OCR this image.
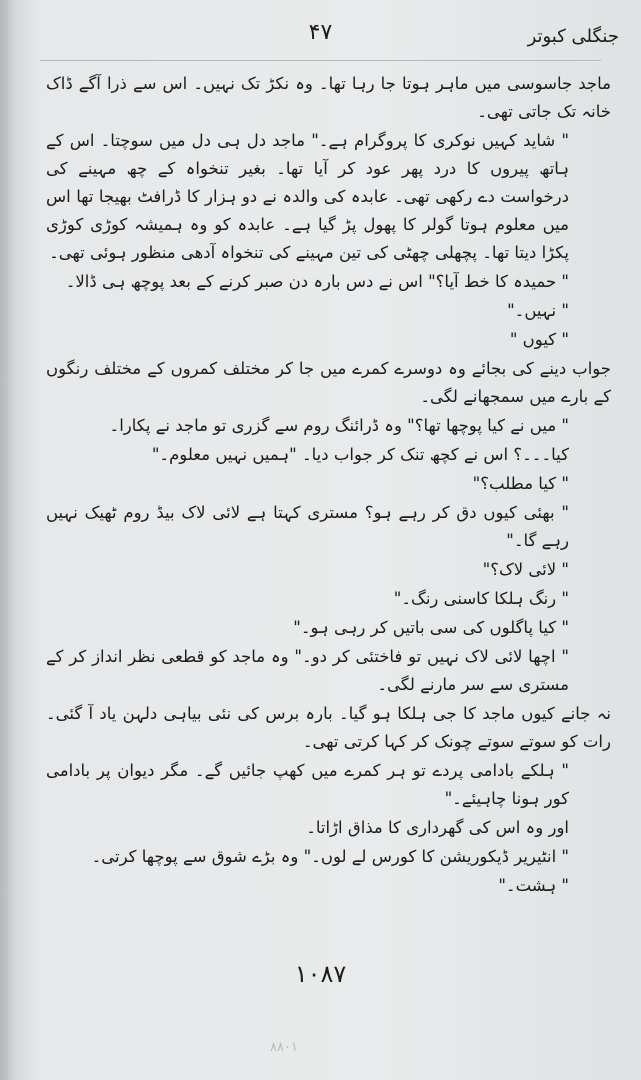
۴۷	جنگلی کبوتر

ماجد جاسوسی میں ماہر ہوتا جا رہا تھا۔ وہ نکڑ تک نہیں۔ اس سے ذرا آگے ڈاک خانہ تک جاتی تھی۔

" شاید کہیں نوکری کا پروگرام ہے۔" ماجد دل ہی دل میں سوچتا۔ اس کے ہاتھ پیروں کا درد پھر عود کر آیا تھا۔ بغیر تنخواہ کے چھ مہینے کی درخواست دے رکھی تھی۔ عابدہ کی والدہ نے دو ہزار کا ڈرافٹ بھیجا تھا اس میں معلوم ہوتا گولر کا پھول پڑ گیا ہے۔ عابدہ کو وہ ہمیشہ کوڑی کوڑی پکڑا دیتا تھا۔ پچھلی چھٹی کی تین مہینے کی تنخواہ آدھی منظور ہوئی تھی۔

" حمیدہ کا خط آیا؟" اس نے دس بارہ دن صبر کرنے کے بعد پوچھ ہی ڈالا۔

" نہیں۔"

" کیوں "

جواب دینے کی بجائے وہ دوسرے کمرے میں جا کر مختلف کمروں کے مختلف رنگوں کے بارے میں سمجھانے لگی۔

" میں نے کیا پوچھا تھا؟" وہ ڈرائنگ روم سے گزری تو ماجد نے پکارا۔

کیا۔۔۔؟ اس نے کچھ تنک کر جواب دیا۔ "ہمیں نہیں معلوم۔"

" کیا مطلب؟"

" بھئی کیوں دق کر رہے ہو؟ مستری کہتا ہے لائی لاک بیڈ روم ٹھیک نہیں رہے گا۔"

" لائی لاک؟"

" رنگ ہلکا کاسنی رنگ۔"

" کیا پاگلوں کی سی باتیں کر رہی ہو۔"

" اچھا لائی لاک نہیں تو فاختئی کر دو۔" وہ ماجد کو قطعی نظر انداز کر کے مستری سے سر مارنے لگی۔

نہ جانے کیوں ماجد کا جی ہلکا ہو گیا۔ بارہ برس کی نئی بیاہی دلہن یاد آ گئی۔ رات کو سوتے سوتے چونک کر کہا کرتی تھی۔

" ہلکے بادامی پردے تو ہر کمرے میں کھپ جائیں گے۔ مگر دیوان پر بادامی کور ہونا چاہیئے۔"

اور وہ اس کی گھرداری کا مذاق اڑاتا۔

" انٹیریر ڈیکوریشن کا کورس لے لوں۔" وہ بڑے شوق سے پوچھا کرتی۔

" ہشت۔"

۱۰۸۷
۸۸۰۱
